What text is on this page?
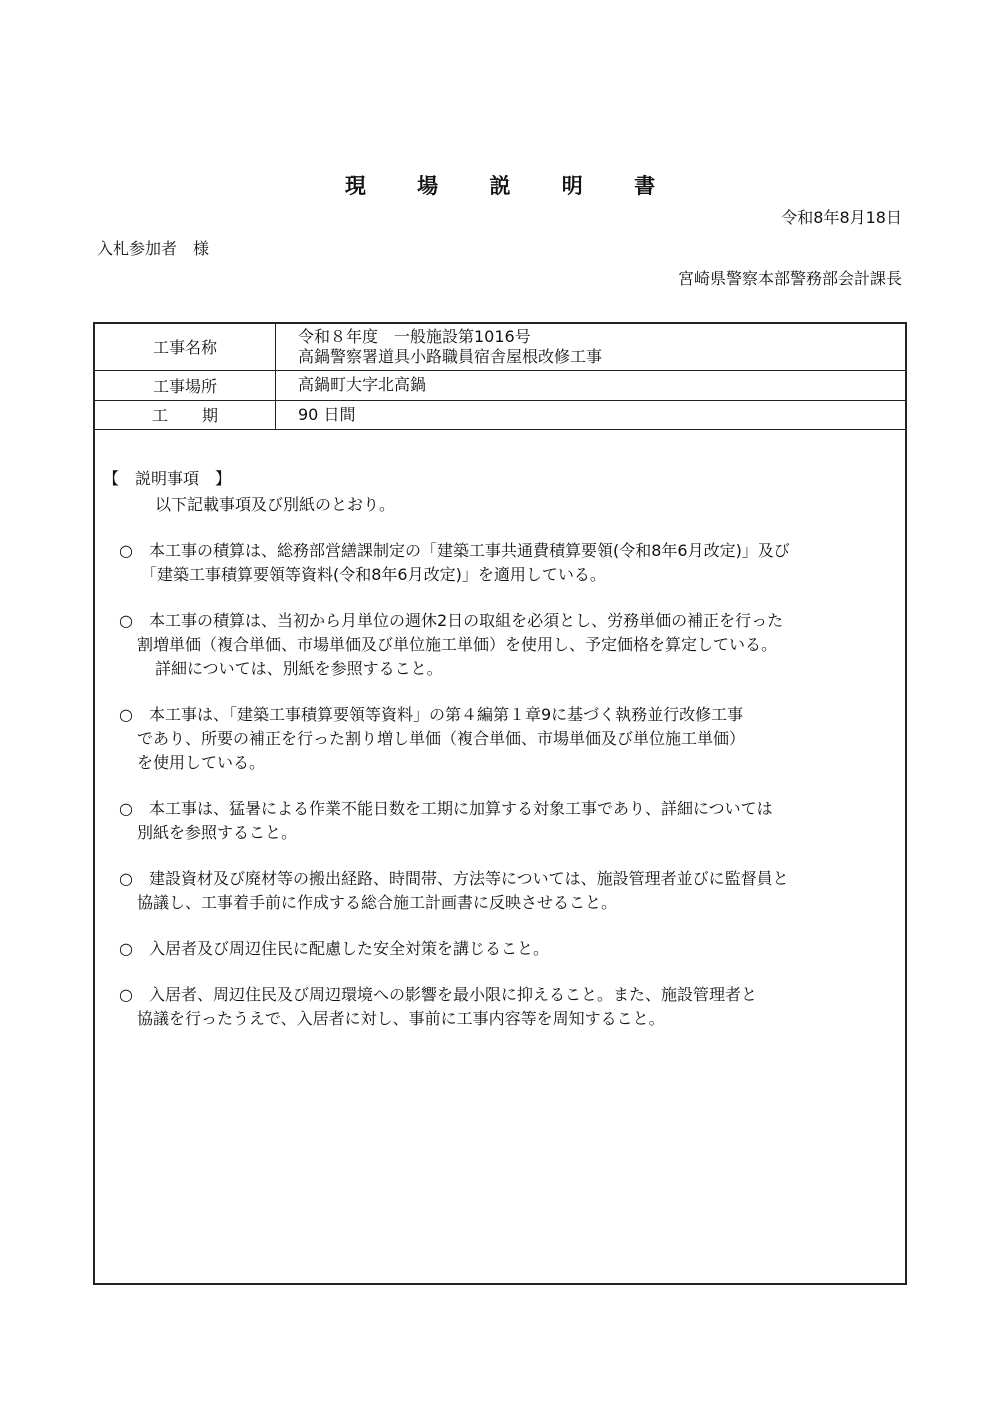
現 場 説 明 書
令和8年8月18日
入札参加者　様
宮崎県警察本部警務部会計課長
工事名称	令和８年度　一般施設第1016号
高鍋警察署道具小路職員宿舎屋根改修工事

工事場所	高鍋町大字北高鍋
工 期	90 日間

【　説明事項　】

以下記載事項及び別紙のとおり。

○　本工事の積算は、総務部営繕課制定の「建築工事共通費積算要領(令和8年6月改定)」及び

「建築工事積算要領等資料(令和8年6月改定)」を適用している。

○　本工事の積算は、当初から月単位の週休2日の取組を必須とし、労務単価の補正を行った

割増単価（複合単価、市場単価及び単位施工単価）を使用し、予定価格を算定している。

詳細については、別紙を参照すること。

○　本工事は、「建築工事積算要領等資料」の第４編第１章9に基づく執務並行改修工事

であり、所要の補正を行った割り増し単価（複合単価、市場単価及び単位施工単価）

を使用している。

○　本工事は、猛暑による作業不能日数を工期に加算する対象工事であり、詳細については

別紙を参照すること。

○　建設資材及び廃材等の搬出経路、時間帯、方法等については、施設管理者並びに監督員と

協議し、工事着手前に作成する総合施工計画書に反映させること。

○　入居者及び周辺住民に配慮した安全対策を講じること。

○　入居者、周辺住民及び周辺環境への影響を最小限に抑えること。また、施設管理者と

協議を行ったうえで、入居者に対し、事前に工事内容等を周知すること。
